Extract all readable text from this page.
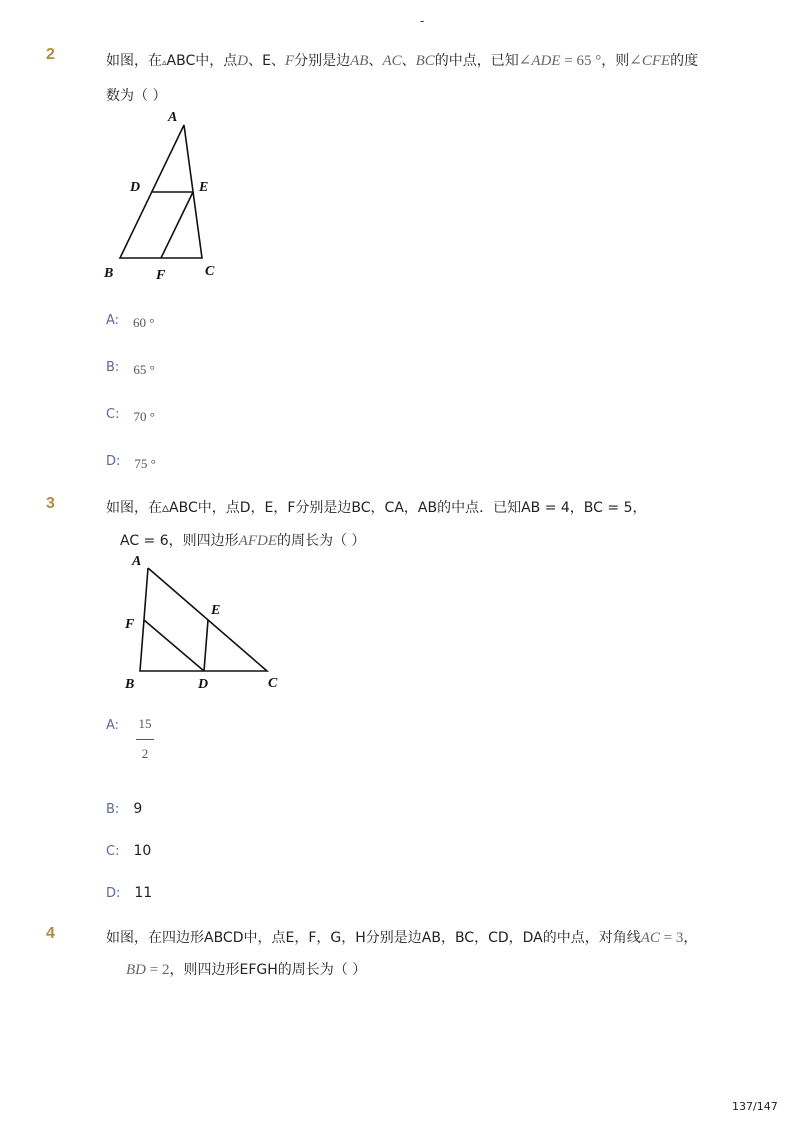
-
2	如图，在▵ABC中，点D、E、F分别是边AB、AC、BC的中点，已知∠ADE = 65 °，则∠CFE的度
数为（ ）
A
D	E
B	F	C
A: 60 °
B: 65 °
C: 70 °
D: 75 °
3	如图，在▵ABC中，点D，E，F分别是边BC，CA，AB的中点．已知AB = 4，BC = 5，
AC = 6，则四边形AFDE的周长为（ ）
A
E
F
B	D	C
A: 15
2
B: 9
C: 10
D: 11
4	如图，在四边形ABCD中，点E，F，G，H分别是边AB，BC，CD，DA的中点，对角线AC = 3，
BD = 2，则四边形EFGH的周长为（ ）
137/147
